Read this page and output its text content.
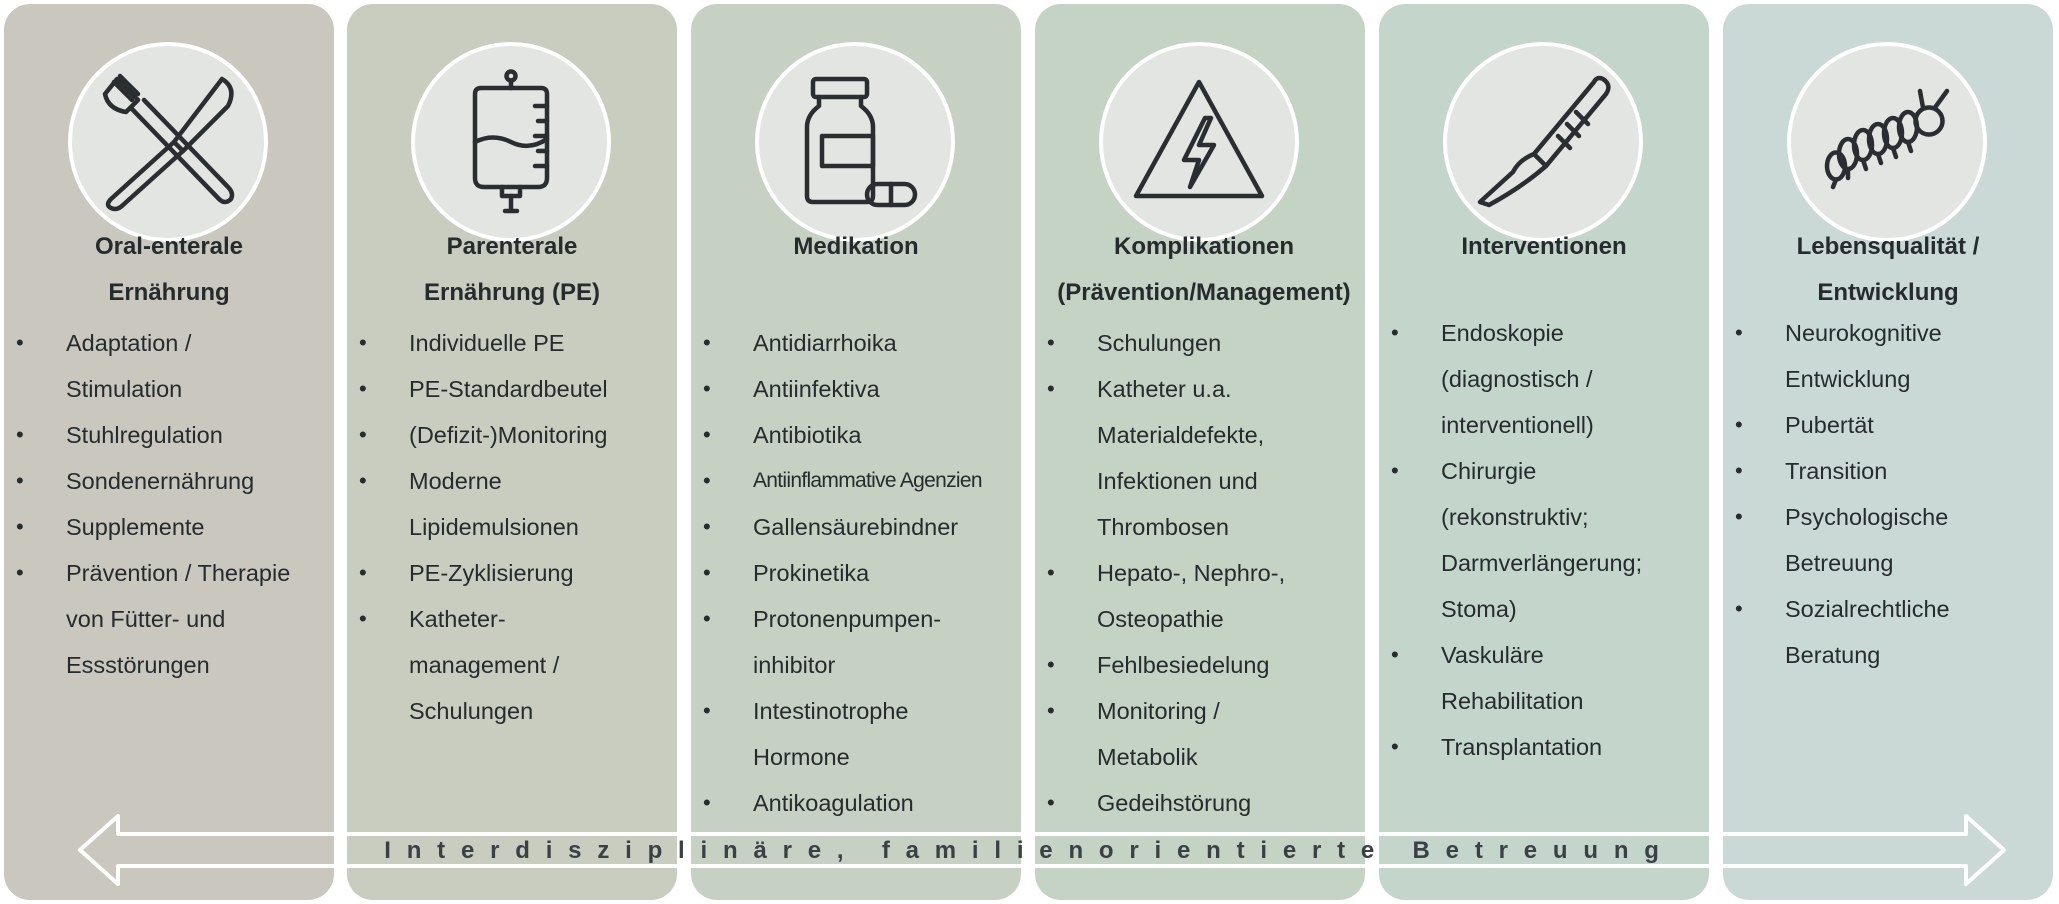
Oral-enterale
Ernährung
• Adaptation / Stimulation
• Stuhlregulation
• Sondenernährung
• Supplemente
• Prävention / Therapie von Fütter- und Essstörungen
Parenterale
Ernährung (PE)
• Individuelle PE
• PE-Standardbeutel
• (Defizit-)Monitoring
• Moderne Lipidemulsionen
• PE-Zyklisierung
• Katheter-management / Schulungen
Medikation
• Antidiarrhoika
• Antiinfektiva
• Antibiotika
• Antiinflammative Agenzien
• Gallensäurebindner
• Prokinetika
• Protonenpumpen-inhibitor
• Intestinotrophe Hormone
• Antikoagulation
Komplikationen
(Prävention/Management)
• Schulungen
• Katheter u.a. Materialdefekte, Infektionen und Thrombosen
• Hepato-, Nephro-, Osteopathie
• Fehlbesiedelung
• Monitoring / Metabolik
• Gedeihstörung
Interventionen
• Endoskopie (diagnostisch / interventionell)
• Chirurgie (rekonstruktiv; Darmverlängerung; Stoma)
• Vaskuläre Rehabilitation
• Transplantation
Lebensqualität /
Entwicklung
• Neurokognitive Entwicklung
• Pubertät
• Transition
• Psychologische Betreuung
• Sozialrechtliche Beratung
Interdisziplinäre, familienorientierte Betreuung
